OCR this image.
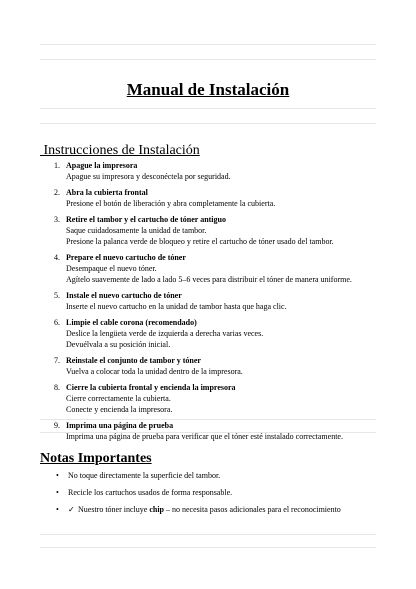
Manual de Instalación
Instrucciones de Instalación
1. Apague la impresora
Apague su impresora y desconéctela por seguridad.
2. Abra la cubierta frontal
Presione el botón de liberación y abra completamente la cubierta.
3. Retire el tambor y el cartucho de tóner antiguo
Saque cuidadosamente la unidad de tambor.
Presione la palanca verde de bloqueo y retire el cartucho de tóner usado del tambor.
4. Prepare el nuevo cartucho de tóner
Desempaque el nuevo tóner.
Agítelo suavemente de lado a lado 5–6 veces para distribuir el tóner de manera uniforme.
5. Instale el nuevo cartucho de tóner
Inserte el nuevo cartucho en la unidad de tambor hasta que haga clic.
6. Limpie el cable corona (recomendado)
Deslice la lengüeta verde de izquierda a derecha varias veces.
Devuélvala a su posición inicial.
7. Reinstale el conjunto de tambor y tóner
Vuelva a colocar toda la unidad dentro de la impresora.
8. Cierre la cubierta frontal y encienda la impresora
Cierre correctamente la cubierta.
Conecte y encienda la impresora.
9. Imprima una página de prueba
Imprima una página de prueba para verificar que el tóner esté instalado correctamente.
Notas Importantes
• No toque directamente la superficie del tambor.
• Recicle los cartuchos usados de forma responsable.
• ✓ Nuestro tóner incluye chip – no necesita pasos adicionales para el reconocimiento
